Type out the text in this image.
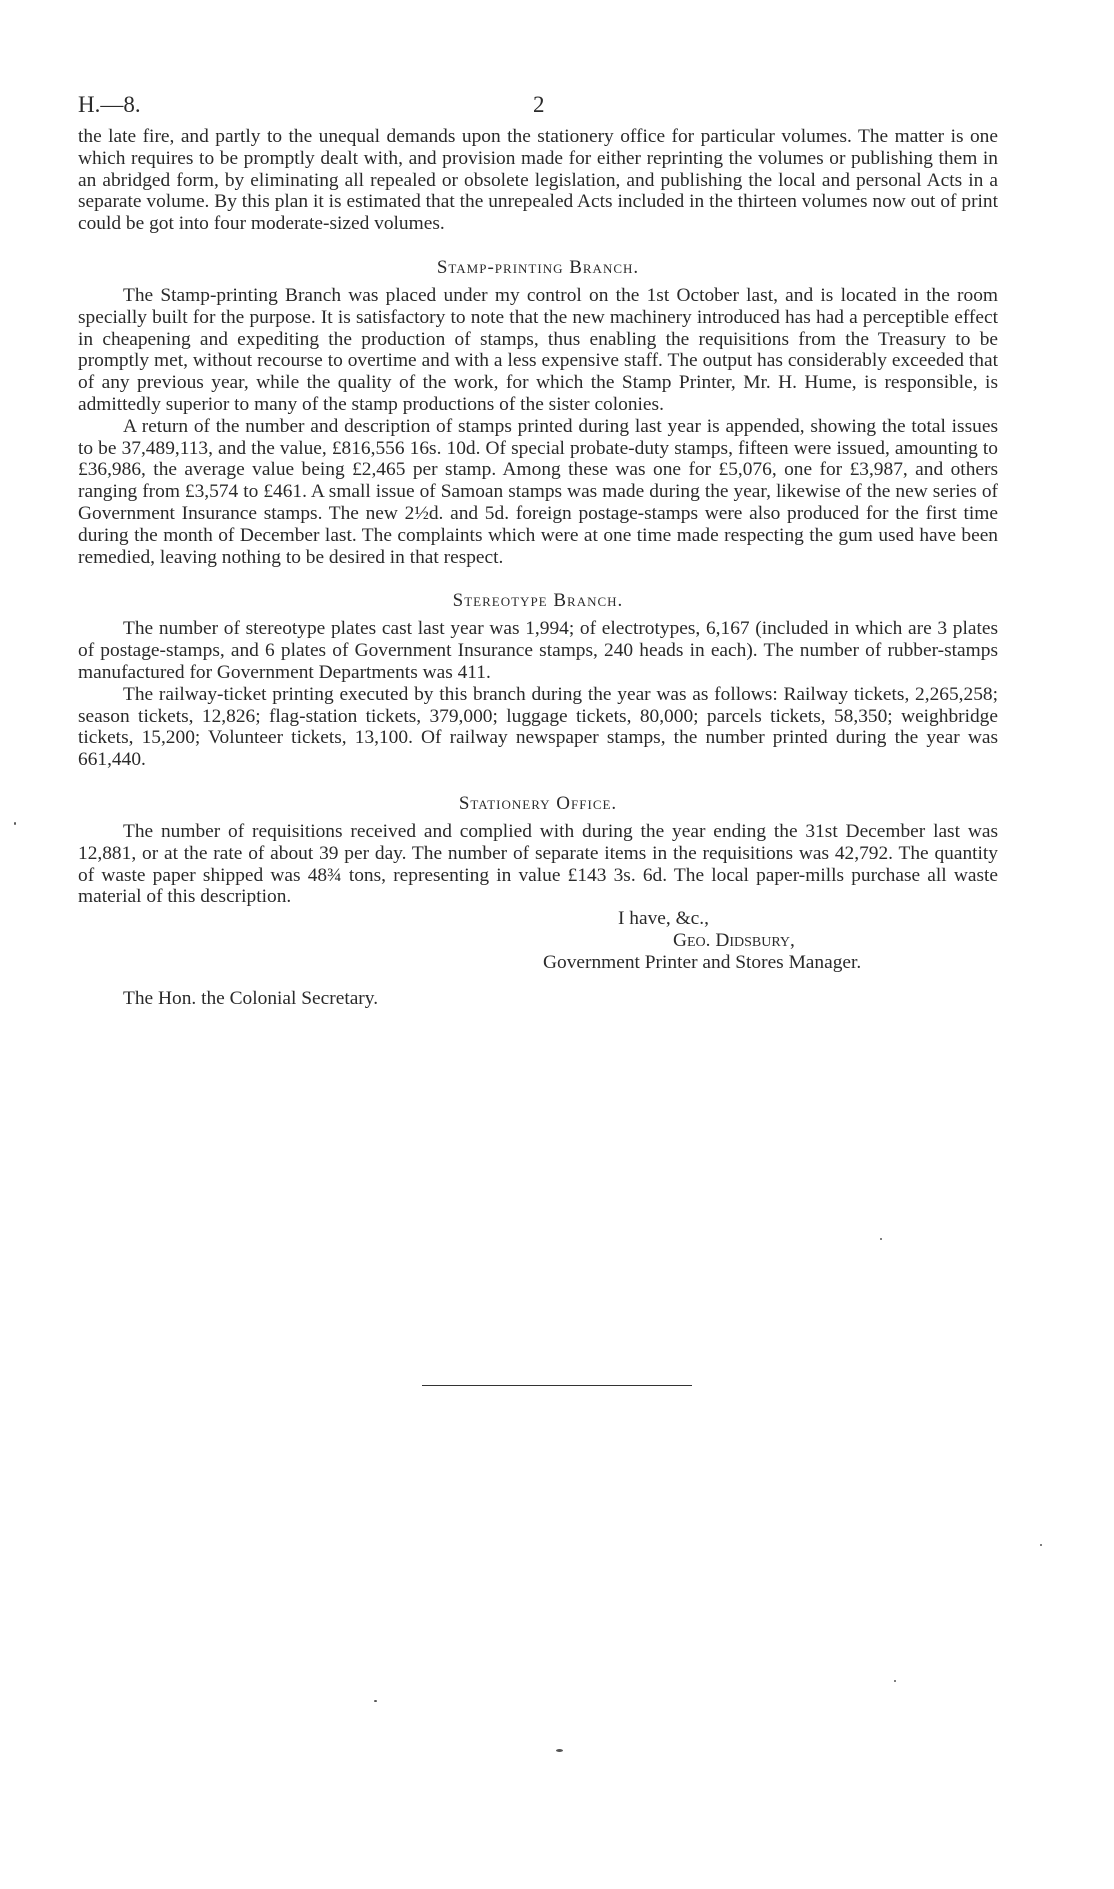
H.—8.	2

the late fire, and partly to the unequal demands upon the stationery office for particular volumes. The matter is one which requires to be promptly dealt with, and provision made for either reprinting the volumes or publishing them in an abridged form, by eliminating all repealed or obsolete legislation, and publishing the local and personal Acts in a separate volume. By this plan it is estimated that the unrepealed Acts included in the thirteen volumes now out of print could be got into four moderate-sized volumes.

Stamp-printing Branch.

The Stamp-printing Branch was placed under my control on the 1st October last, and is located in the room specially built for the purpose. It is satisfactory to note that the new machinery introduced has had a perceptible effect in cheapening and expediting the production of stamps, thus enabling the requisitions from the Treasury to be promptly met, without recourse to overtime and with a less expensive staff. The output has considerably exceeded that of any previous year, while the quality of the work, for which the Stamp Printer, Mr. H. Hume, is responsible, is admittedly superior to many of the stamp productions of the sister colonies.

A return of the number and description of stamps printed during last year is appended, showing the total issues to be 37,489,113, and the value, £816,556 16s. 10d. Of special probate-duty stamps, fifteen were issued, amounting to £36,986, the average value being £2,465 per stamp. Among these was one for £5,076, one for £3,987, and others ranging from £3,574 to £461. A small issue of Samoan stamps was made during the year, likewise of the new series of Government Insurance stamps. The new 2½d. and 5d. foreign postage-stamps were also produced for the first time during the month of December last. The complaints which were at one time made respecting the gum used have been remedied, leaving nothing to be desired in that respect.

Stereotype Branch.

The number of stereotype plates cast last year was 1,994; of electrotypes, 6,167 (included in which are 3 plates of postage-stamps, and 6 plates of Government Insurance stamps, 240 heads in each). The number of rubber-stamps manufactured for Government Departments was 411.

The railway-ticket printing executed by this branch during the year was as follows: Railway tickets, 2,265,258; season tickets, 12,826; flag-station tickets, 379,000; luggage tickets, 80,000; parcels tickets, 58,350; weighbridge tickets, 15,200; Volunteer tickets, 13,100. Of railway newspaper stamps, the number printed during the year was 661,440.

Stationery Office.

The number of requisitions received and complied with during the year ending the 31st December last was 12,881, or at the rate of about 39 per day. The number of separate items in the requisitions was 42,792. The quantity of waste paper shipped was 48¾ tons, representing in value £143 3s. 6d. The local paper-mills purchase all waste material of this description.

I have, &c.,
Geo. Didsbury,
Government Printer and Stores Manager.
The Hon. the Colonial Secretary.
